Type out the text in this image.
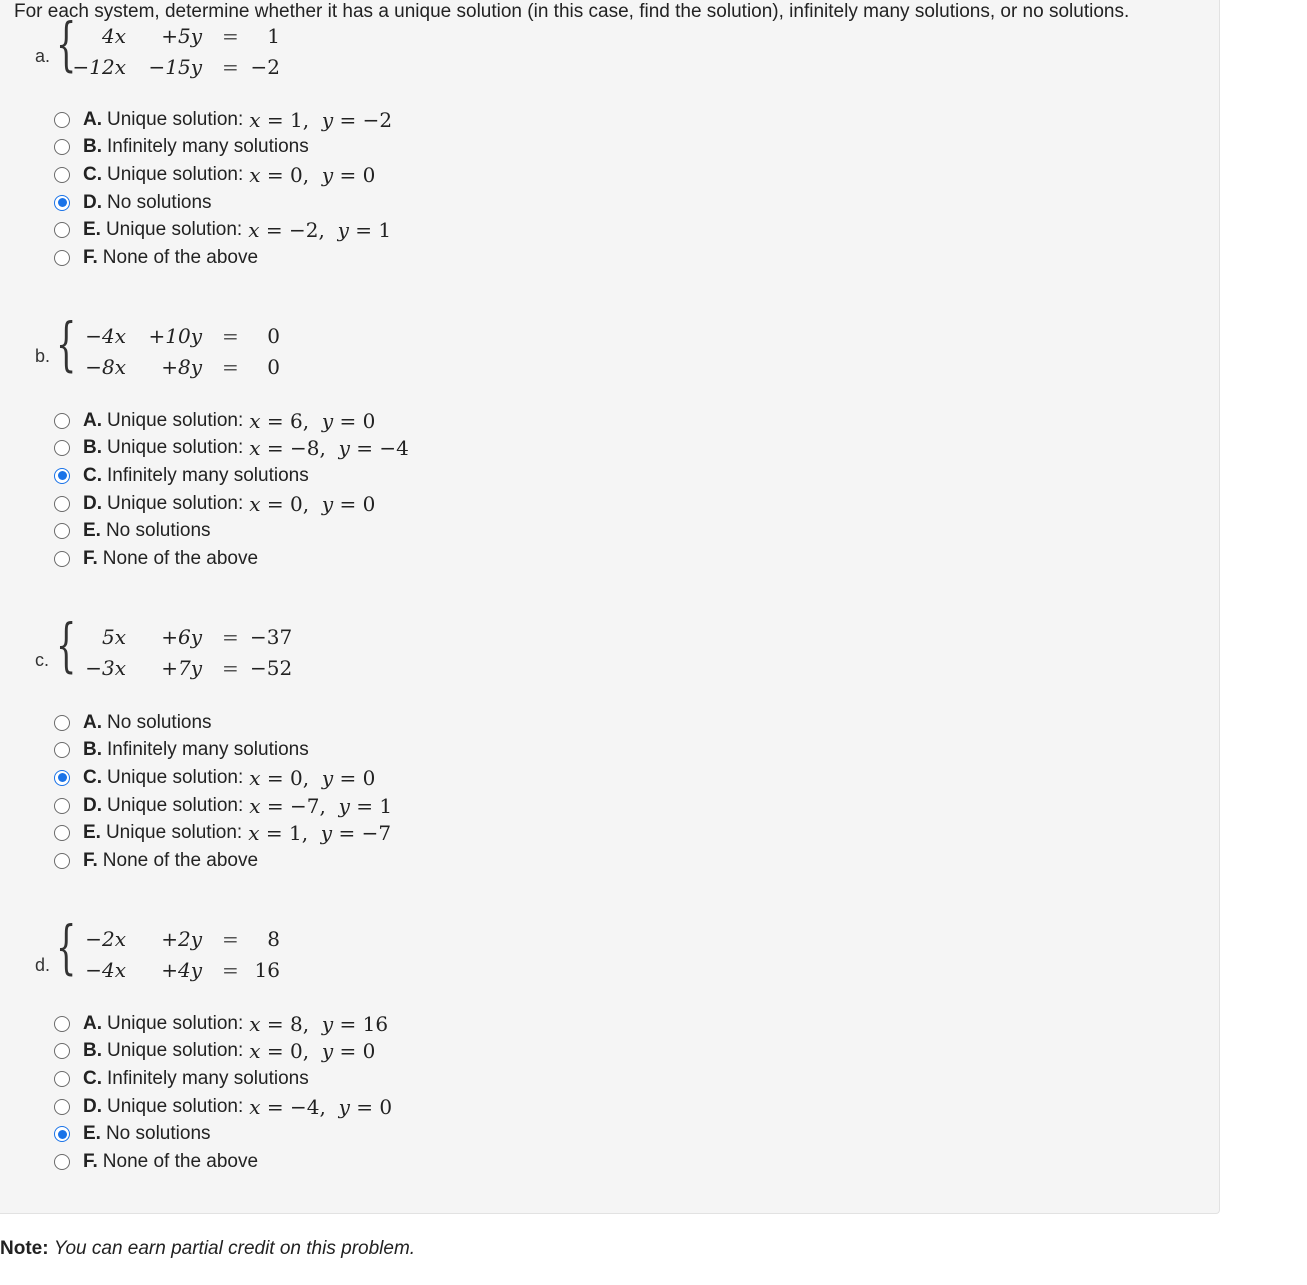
For each system, determine whether it has a unique solution (in this case, find the solution), infinitely many solutions, or no solutions.
a. {	4x	+5y =	1
−12x	−15y = −2
A. Unique solution: x = 1, y = −2
B. Infinitely many solutions
C. Unique solution: x = 0, y = 0
D. No solutions
E. Unique solution: x = −2, y = 1
F. None of the above
b. { −4x	+10y =	0
−8x	+8y =	0
A. Unique solution: x = 6, y = 0
B. Unique solution: x = −8, y = −4
C. Infinitely many solutions
D. Unique solution: x = 0, y = 0
E. No solutions
F. None of the above
c. {	5x	+6y = −37
−3x	+7y = −52
A. No solutions
B. Infinitely many solutions
C. Unique solution: x = 0, y = 0
D. Unique solution: x = −7, y = 1
E. Unique solution: x = 1, y = −7
F. None of the above
d. { −2x	+2y =	8
−4x	+4y = 16
A. Unique solution: x = 8, y = 16
B. Unique solution: x = 0, y = 0
C. Infinitely many solutions
D. Unique solution: x = −4, y = 0
E. No solutions
F. None of the above
Note: You can earn partial credit on this problem.
